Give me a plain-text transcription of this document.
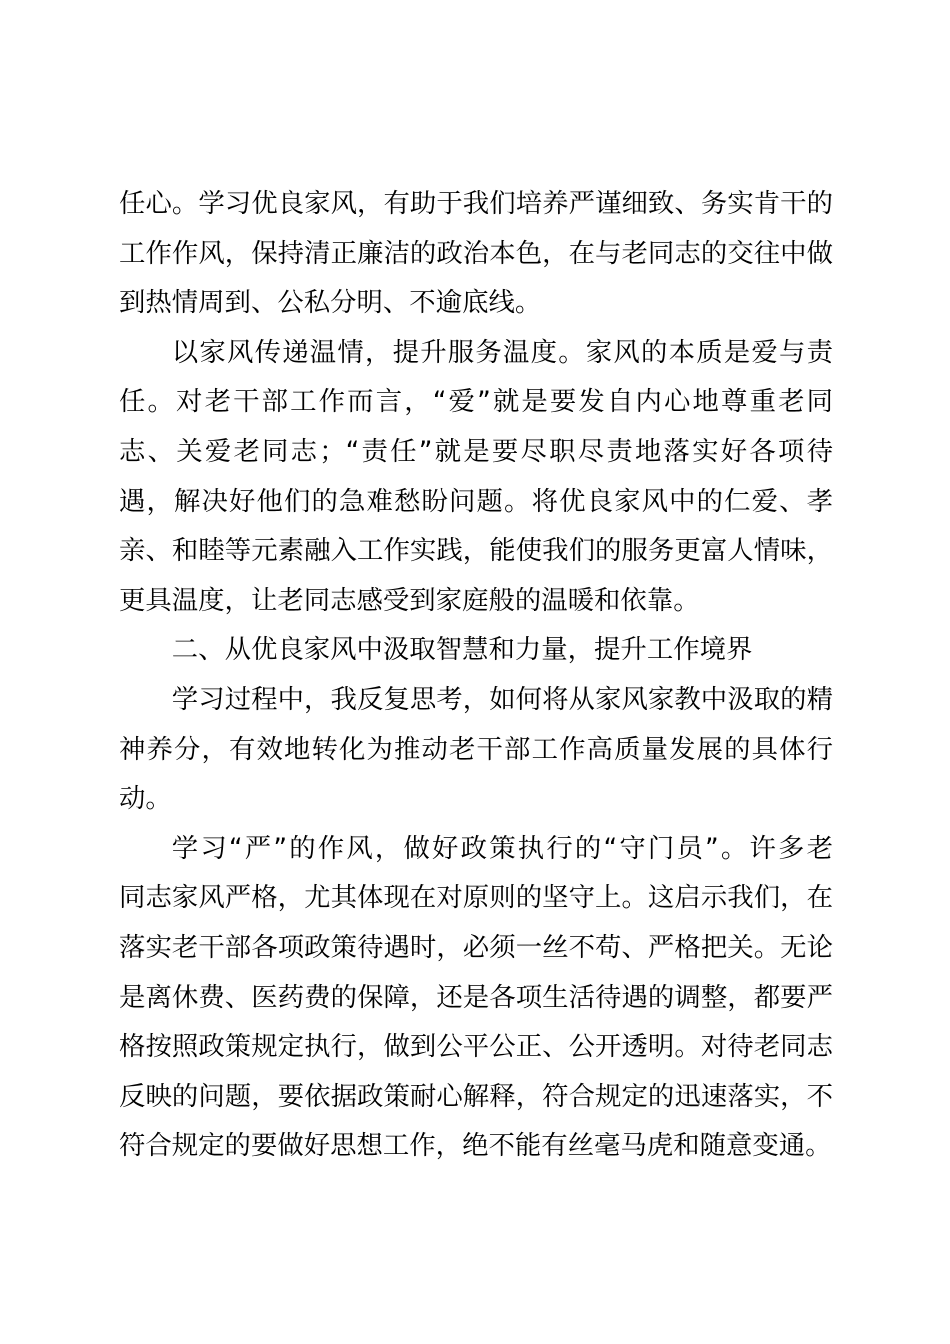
任心。学习优良家风，有助于我们培养严谨细致、务实肯干的
工作作风，保持清正廉洁的政治本色，在与老同志的交往中做
到热情周到、公私分明、不逾底线。
以家风传递温情，提升服务温度。家风的本质是爱与责
任。对老干部工作而言，“爱”就是要发自内心地尊重老同
志、关爱老同志；“责任”就是要尽职尽责地落实好各项待
遇，解决好他们的急难愁盼问题。将优良家风中的仁爱、孝
亲、和睦等元素融入工作实践，能使我们的服务更富人情味，
更具温度，让老同志感受到家庭般的温暖和依靠。
二、从优良家风中汲取智慧和力量，提升工作境界
学习过程中，我反复思考，如何将从家风家教中汲取的精
神养分，有效地转化为推动老干部工作高质量发展的具体行
动。
学习“严”的作风，做好政策执行的“守门员”。许多老
同志家风严格，尤其体现在对原则的坚守上。这启示我们，在
落实老干部各项政策待遇时，必须一丝不苟、严格把关。无论
是离休费、医药费的保障，还是各项生活待遇的调整，都要严
格按照政策规定执行，做到公平公正、公开透明。对待老同志
反映的问题，要依据政策耐心解释，符合规定的迅速落实，不
符合规定的要做好思想工作，绝不能有丝毫马虎和随意变通。
